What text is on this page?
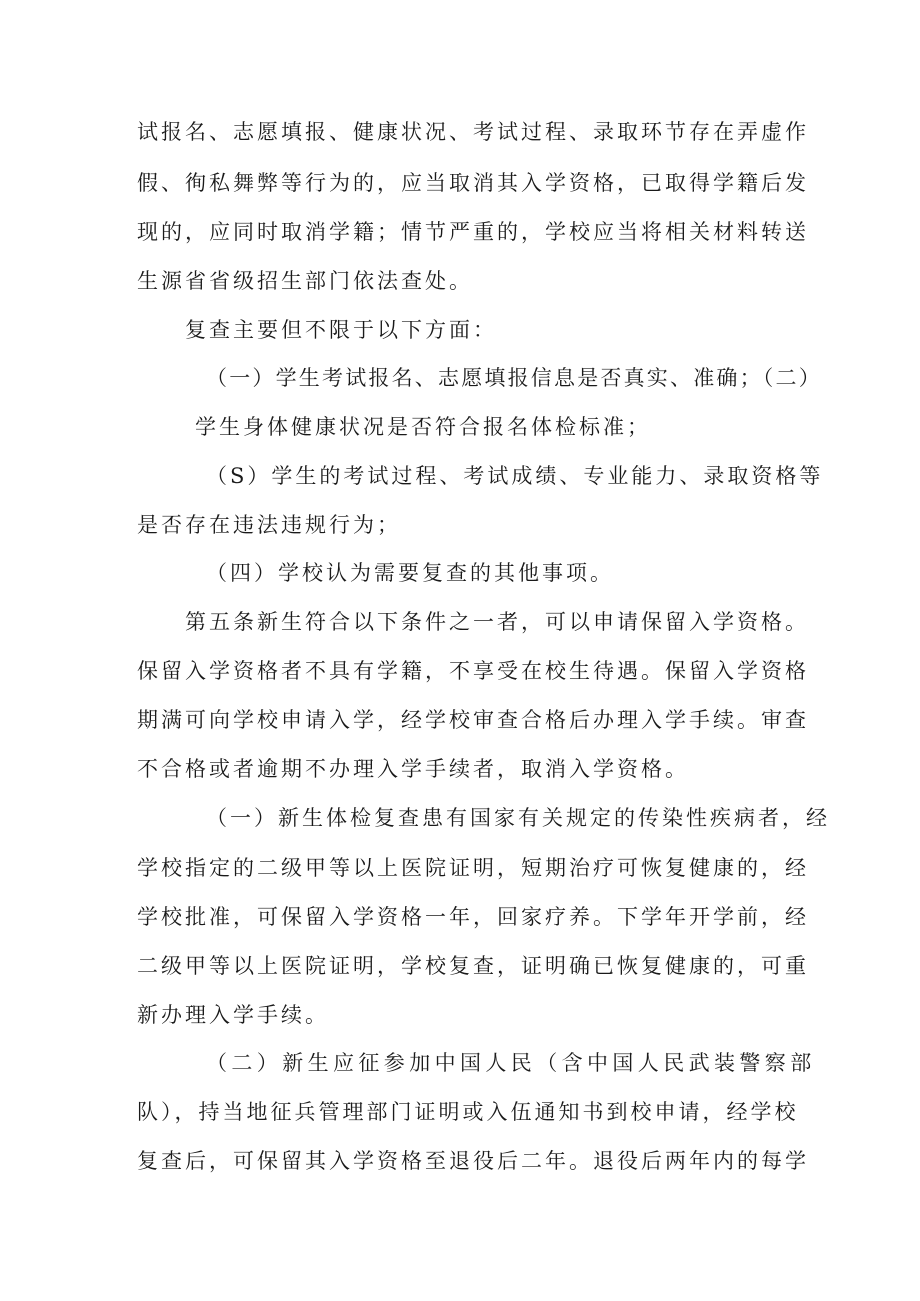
试报名、志愿填报、健康状况、考试过程、录取环节存在弄虚作
假、徇私舞弊等行为的，应当取消其入学资格，已取得学籍后发
现的，应同时取消学籍；情节严重的，学校应当将相关材料转送
生源省省级招生部门依法查处。
复查主要但不限于以下方面：
（一）学生考试报名、志愿填报信息是否真实、准确；（二）
学生身体健康状况是否符合报名体检标准；
（S）学生的考试过程、考试成绩、专业能力、录取资格等
是否存在违法违规行为；
（四）学校认为需要复查的其他事项。
第五条新生符合以下条件之一者，可以申请保留入学资格。
保留入学资格者不具有学籍，不享受在校生待遇。保留入学资格
期满可向学校申请入学，经学校审查合格后办理入学手续。审查
不合格或者逾期不办理入学手续者，取消入学资格。
（一）新生体检复查患有国家有关规定的传染性疾病者，经
学校指定的二级甲等以上医院证明，短期治疗可恢复健康的，经
学校批准，可保留入学资格一年，回家疗养。下学年开学前，经
二级甲等以上医院证明，学校复查，证明确已恢复健康的，可重
新办理入学手续。
（二）新生应征参加中国人民（含中国人民武装警察部
队），持当地征兵管理部门证明或入伍通知书到校申请，经学校
复查后，可保留其入学资格至退役后二年。退役后两年内的每学
